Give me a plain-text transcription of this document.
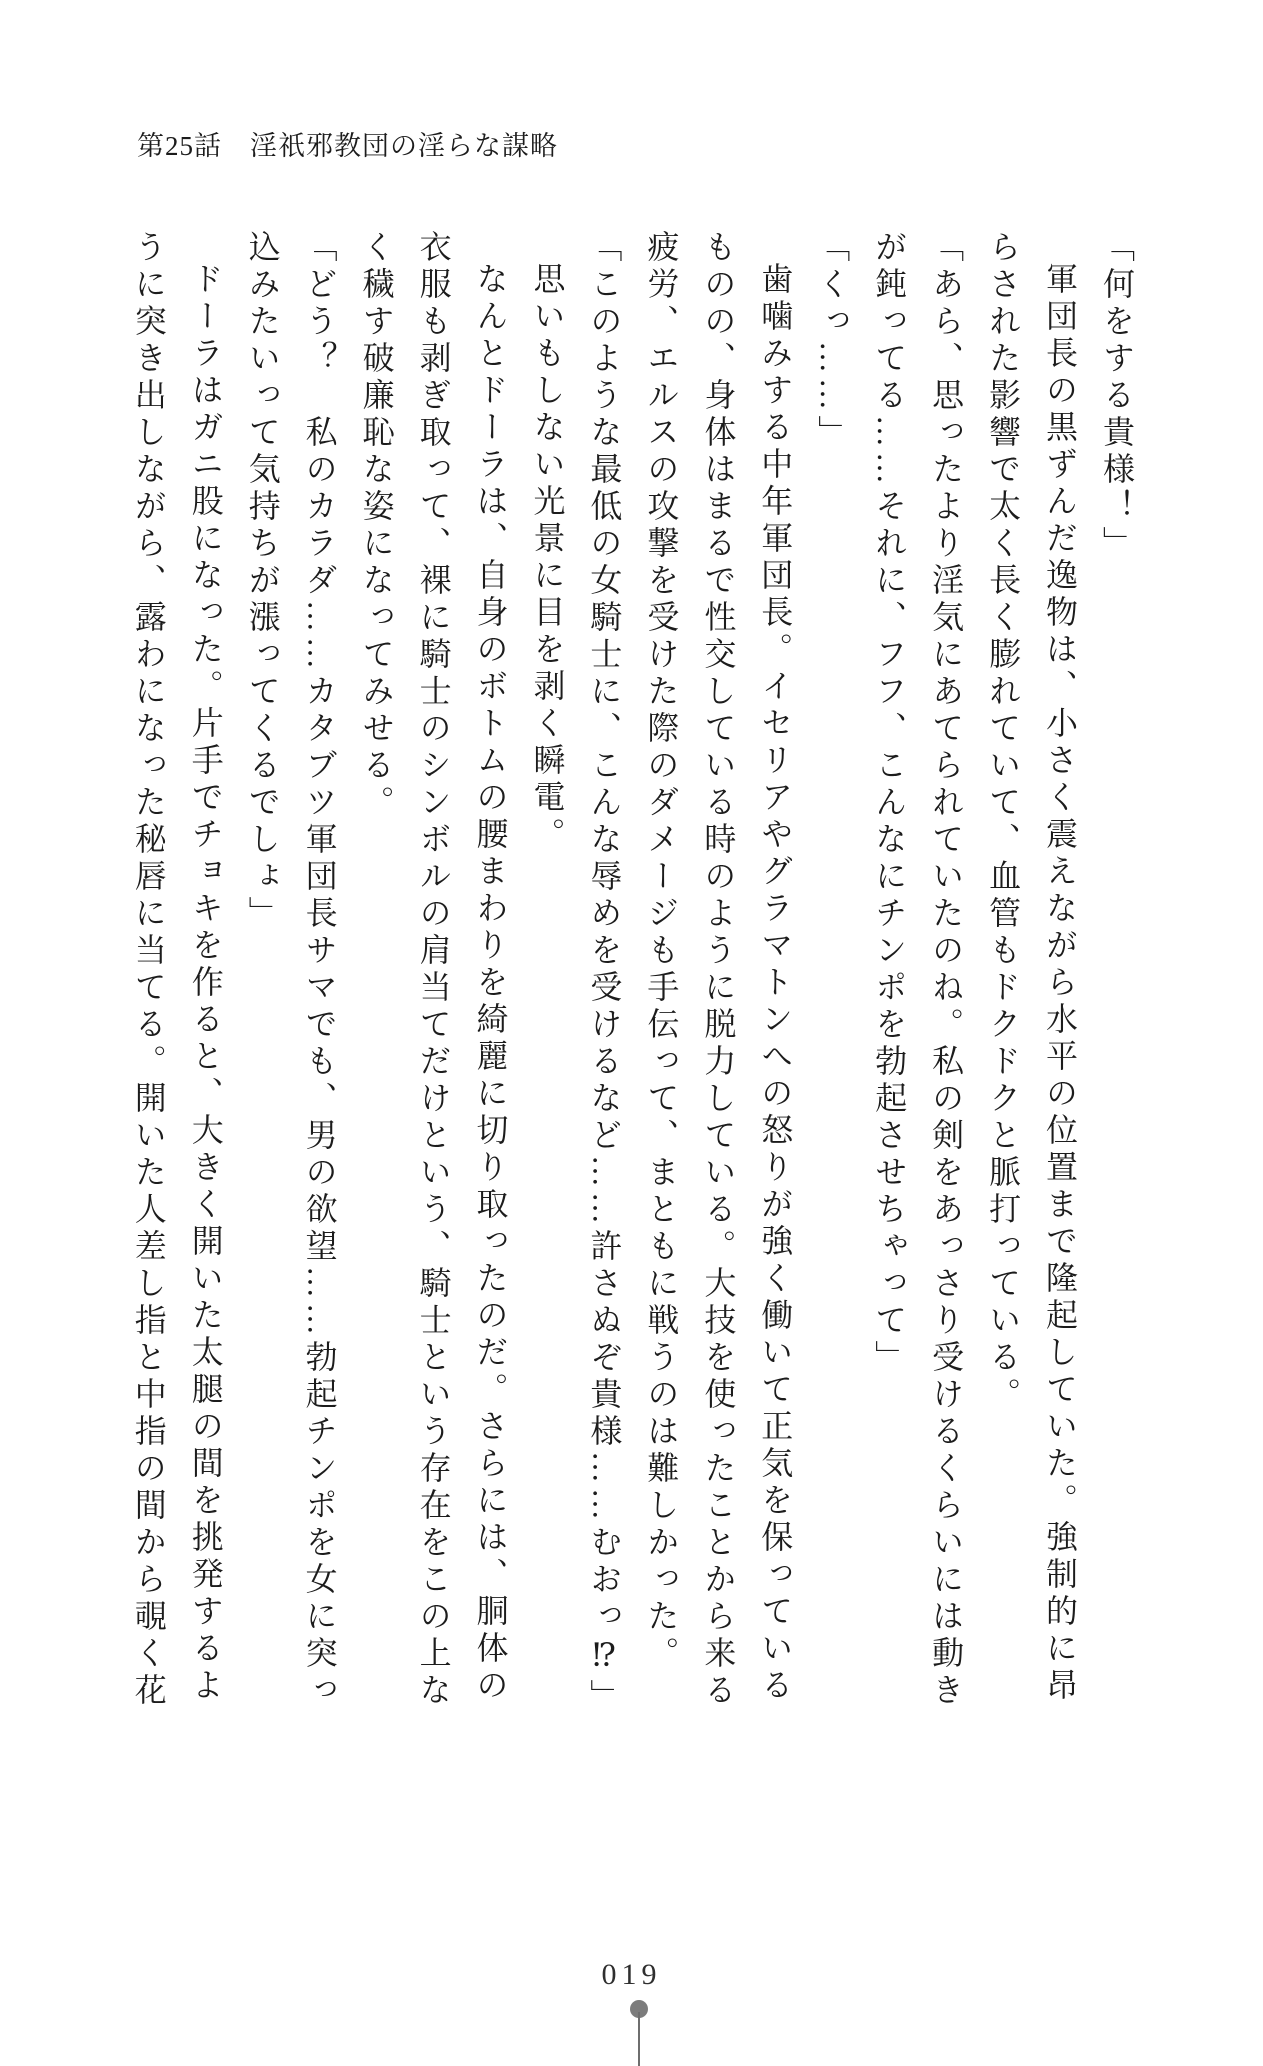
第25話　淫祇邪教団の淫らな謀略

「何をする貴様！」

軍団長の黒ずんだ逸物は、小さく震えながら水平の位置まで隆起していた。強制的に昂らされた影響で太く長く膨れていて、血管もドクドクと脈打っている。

「あら、思ったより淫気にあてられていたのね。私の剣をあっさり受けるくらいには動きが鈍ってる……それに、フフ、こんなにチンポを勃起させちゃって」

「くっ……」

歯噛みする中年軍団長。イセリアやグラマトンへの怒りが強く働いて正気を保っているものの、身体はまるで性交している時のように脱力している。大技を使ったことから来る疲労、エルスの攻撃を受けた際のダメージも手伝って、まともに戦うのは難しかった。

「このような最低の女騎士に、こんな辱めを受けるなど……許さぬぞ貴様……むおっ⁉」

思いもしない光景に目を剥く瞬電。

なんとドーラは、自身のボトムの腰まわりを綺麗に切り取ったのだ。さらには、胴体の衣服も剥ぎ取って、裸に騎士のシンボルの肩当てだけという、騎士という存在をこの上なく穢す破廉恥な姿になってみせる。

「どう？　私のカラダ……カタブツ軍団長サマでも、男の欲望……勃起チンポを女に突っ込みたいって気持ちが漲ってくるでしょ」

ドーラはガニ股になった。片手でチョキを作ると、大きく開いた太腿の間を挑発するように突き出しながら、露わになった秘唇に当てる。開いた人差し指と中指の間から覗く花

019
